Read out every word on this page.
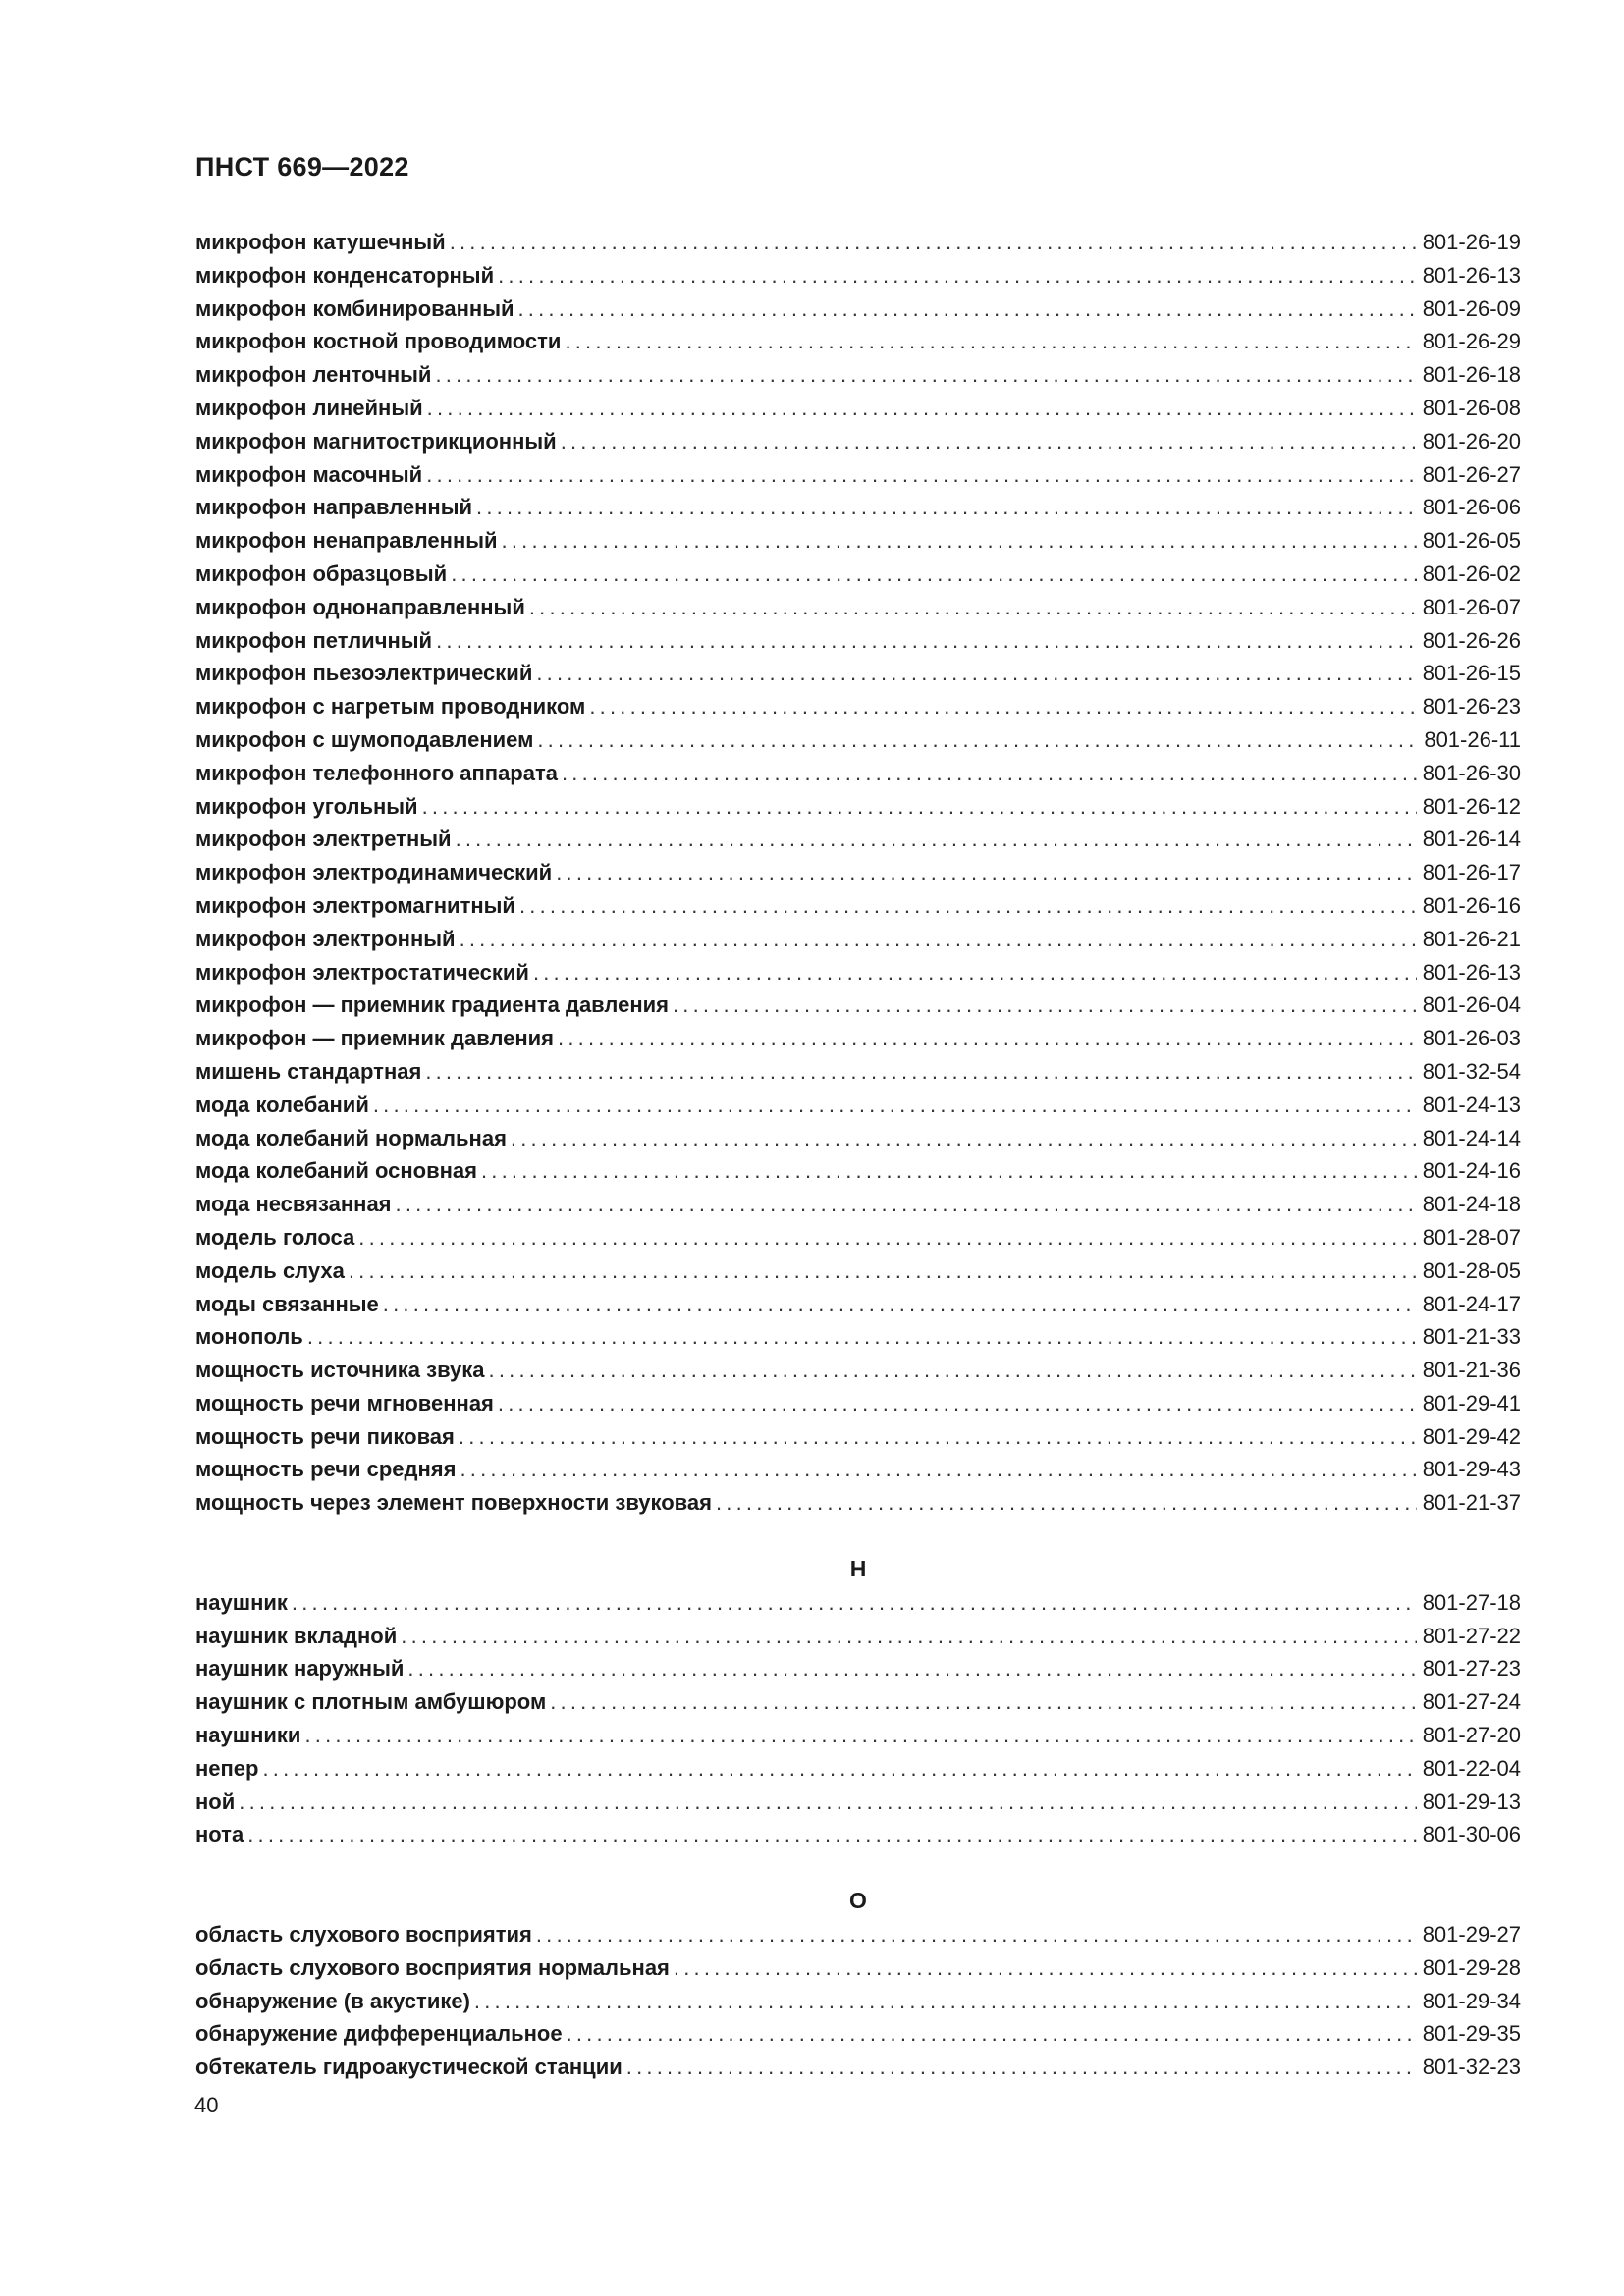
ПНСТ 669—2022
микрофон катушечный .....	801-26-19
микрофон конденсаторный .....	801-26-13
микрофон комбинированный .....	801-26-09
микрофон костной проводимости .....	801-26-29
микрофон ленточный .....	801-26-18
микрофон линейный .....	801-26-08
микрофон магнитострикционный .....	801-26-20
микрофон масочный .....	801-26-27
микрофон направленный .....	801-26-06
микрофон ненаправленный .....	801-26-05
микрофон образцовый .....	801-26-02
микрофон однонаправленный .....	801-26-07
микрофон петличный .....	801-26-26
микрофон пьезоэлектрический .....	801-26-15
микрофон с нагретым проводником .....	801-26-23
микрофон с шумоподавлением .....	801-26-11
микрофон телефонного аппарата .....	801-26-30
микрофон угольный .....	801-26-12
микрофон электретный .....	801-26-14
микрофон электродинамический .....	801-26-17
микрофон электромагнитный .....	801-26-16
микрофон электронный .....	801-26-21
микрофон электростатический .....	801-26-13
микрофон — приемник градиента давления .....	801-26-04
микрофон — приемник давления .....	801-26-03
мишень стандартная .....	801-32-54
мода колебаний .....	801-24-13
мода колебаний нормальная .....	801-24-14
мода колебаний основная .....	801-24-16
мода несвязанная .....	801-24-18
модель голоса .....	801-28-07
модель слуха .....	801-28-05
моды связанные .....	801-24-17
монополь .....	801-21-33
мощность источника звука .....	801-21-36
мощность речи мгновенная .....	801-29-41
мощность речи пиковая .....	801-29-42
мощность речи средняя .....	801-29-43
мощность через элемент поверхности звуковая .....	801-21-37
Н
наушник .....	801-27-18
наушник вкладной .....	801-27-22
наушник наружный .....	801-27-23
наушник с плотным амбушюром .....	801-27-24
наушники .....	801-27-20
непер .....	801-22-04
ной .....	801-29-13
нота .....	801-30-06
О
область слухового восприятия .....	801-29-27
область слухового восприятия нормальная .....	801-29-28
обнаружение (в акустике) .....	801-29-34
обнаружение дифференциальное .....	801-29-35
обтекатель гидроакустической станции .....	801-32-23
40
